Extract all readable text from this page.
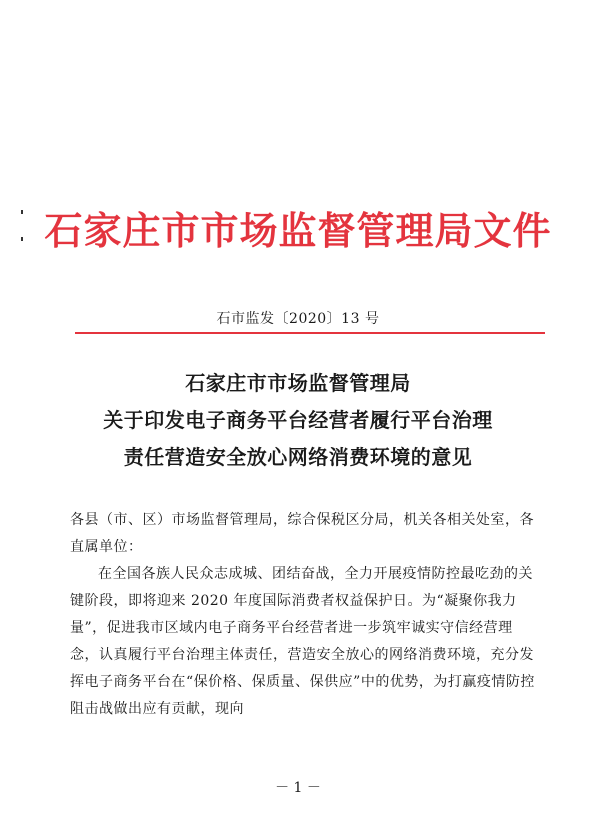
石家庄市市场监督管理局文件
石市监发〔2020〕13 号
石家庄市市场监督管理局
关于印发电子商务平台经营者履行平台治理
责任营造安全放心网络消费环境的意见
各县（市、区）市场监督管理局，综合保税区分局，机关各相关处室，各直属单位：
在全国各族人民众志成城、团结奋战，全力开展疫情防控最吃劲的关键阶段，即将迎来 2020 年度国际消费者权益保护日。为“凝聚你我力量”，促进我市区域内电子商务平台经营者进一步筑牢诚实守信经营理念，认真履行平台治理主体责任，营造安全放心的网络消费环境，充分发挥电子商务平台在“保价格、保质量、保供应”中的优势，为打赢疫情防控阻击战做出应有贡献，现向
－ 1 －
